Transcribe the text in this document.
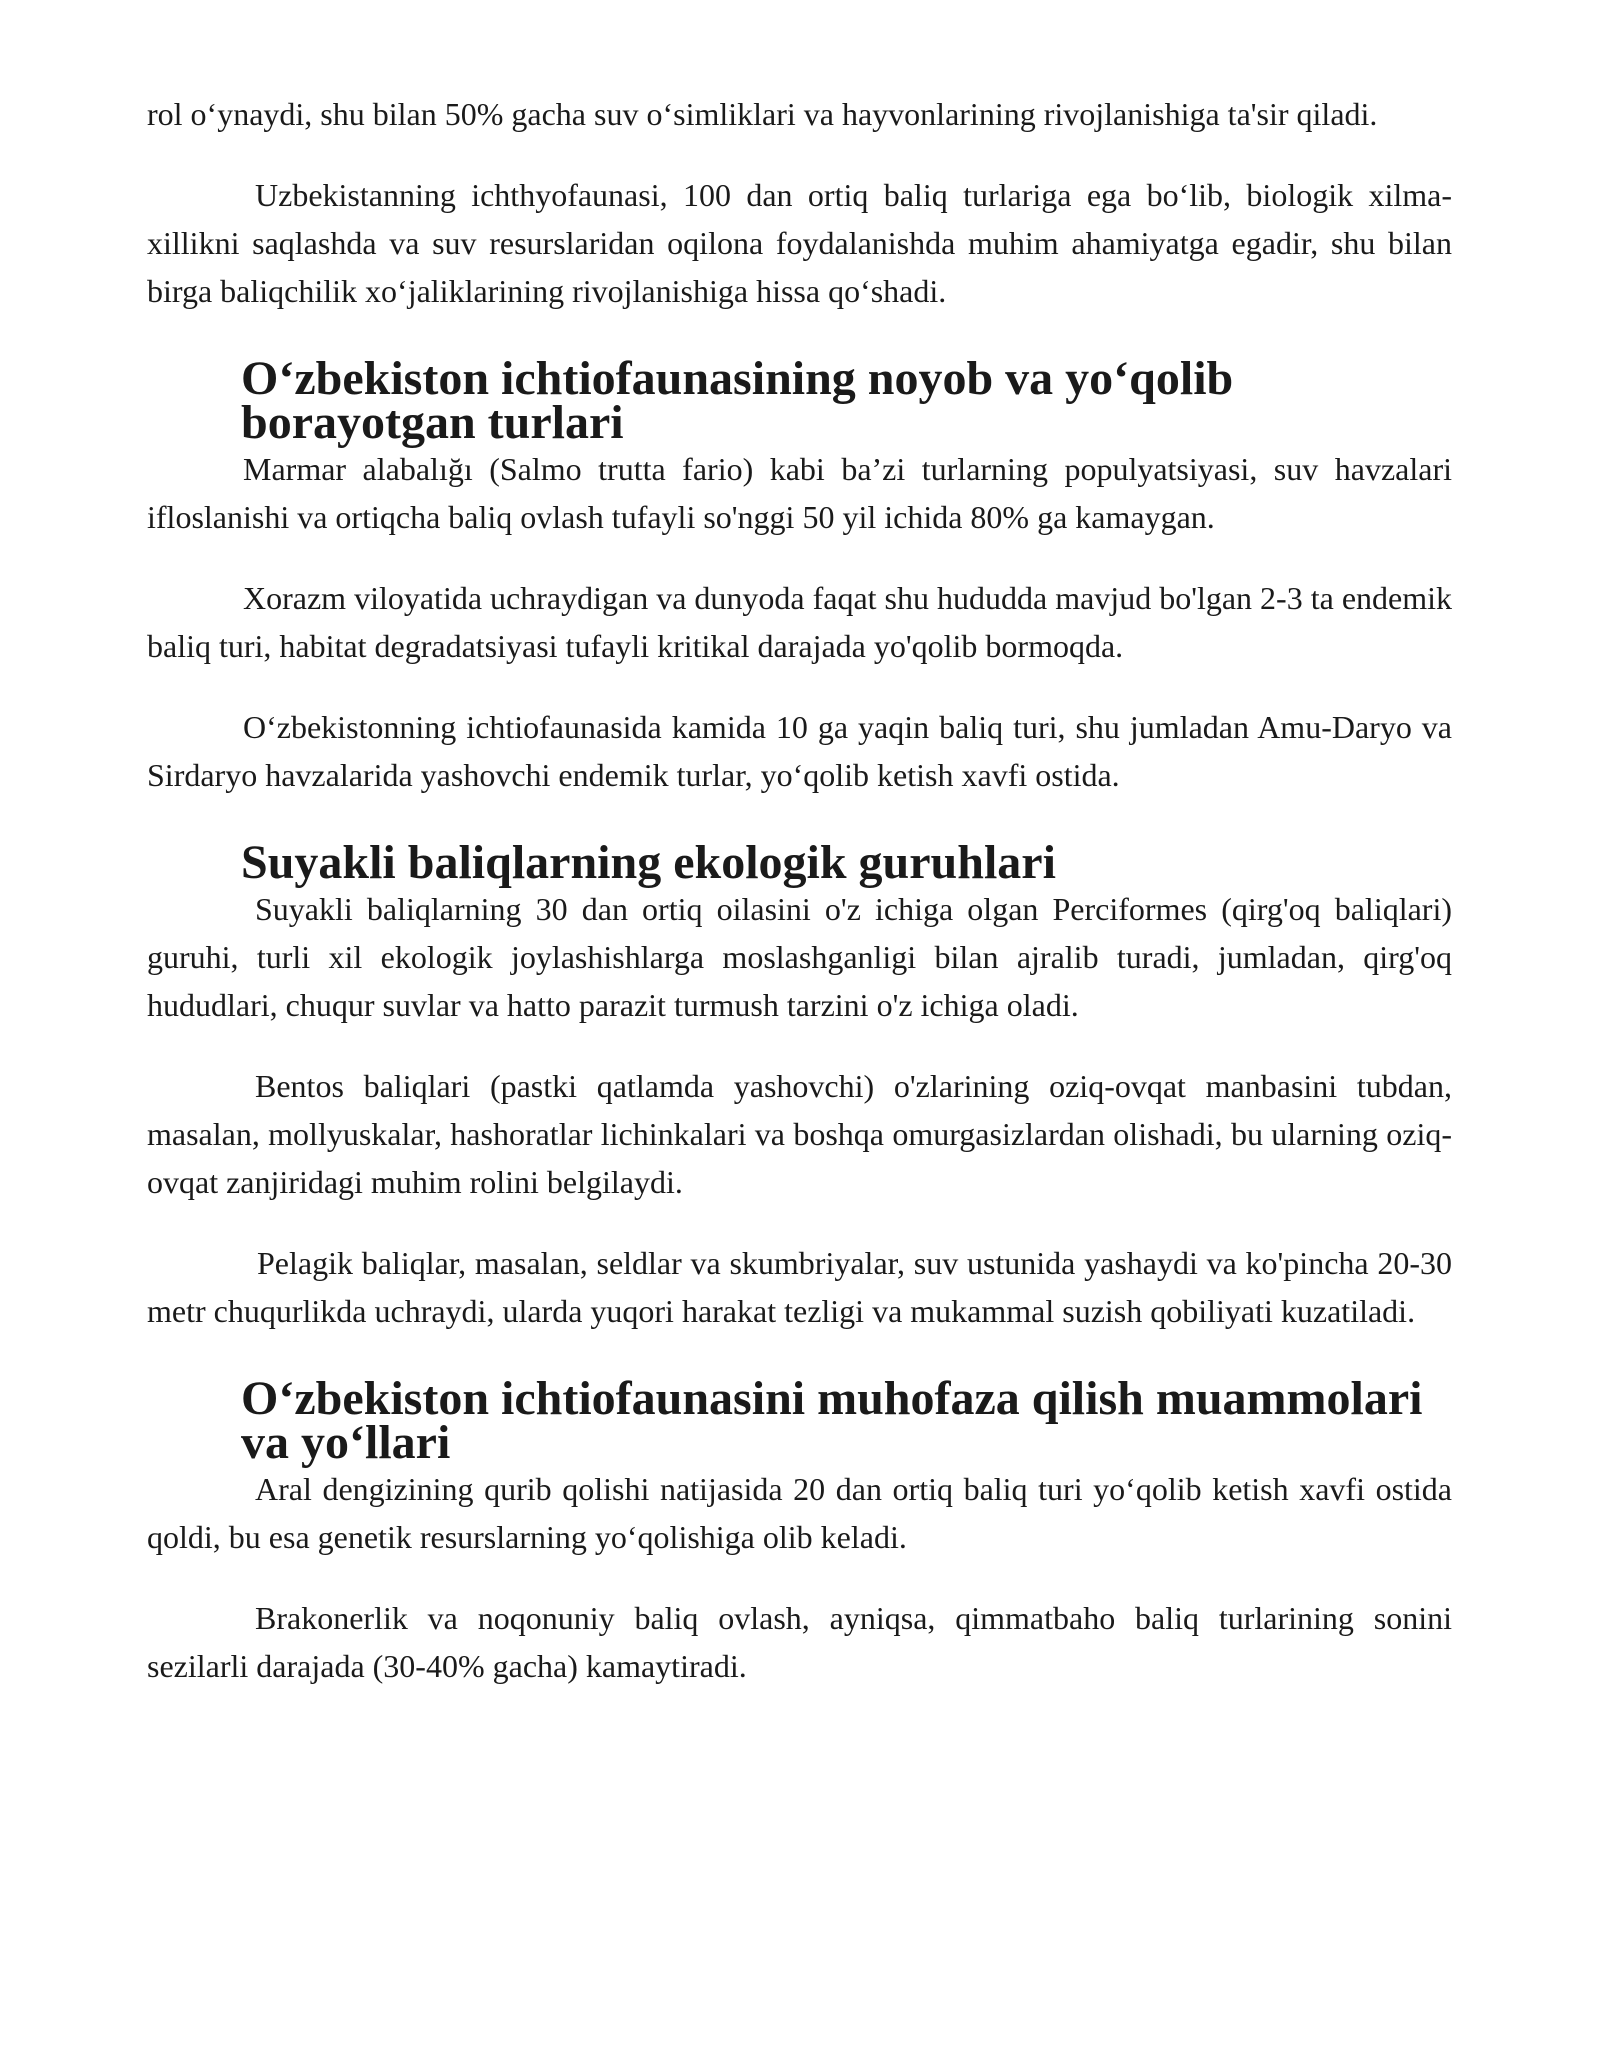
rol o‘ynaydi, shu bilan 50% gacha suv o‘simliklari va hayvonlarining rivojlanishiga ta'sir qiladi.

Uzbekistanning ichthyofaunasi, 100 dan ortiq baliq turlariga ega bo‘lib, biologik xilma-xillikni saqlashda va suv resurslaridan oqilona foydalanishda muhim ahamiyatga egadir, shu bilan birga baliqchilik xo‘jaliklarining rivojlanishiga hissa qo‘shadi.

O‘zbekiston ichtiofaunasining noyob va yo‘qolib borayotgan turlari

Marmar alabalığı (Salmo trutta fario) kabi ba’zi turlarning populyatsiyasi, suv havzalari ifloslanishi va ortiqcha baliq ovlash tufayli so'nggi 50 yil ichida 80% ga kamaygan.

Xorazm viloyatida uchraydigan va dunyoda faqat shu hududda mavjud bo'lgan 2-3 ta endemik baliq turi, habitat degradatsiyasi tufayli kritikal darajada yo'qolib bormoqda.

O‘zbekistonning ichtiofaunasida kamida 10 ga yaqin baliq turi, shu jumladan Amu-Daryo va Sirdaryo havzalarida yashovchi endemik turlar, yo‘qolib ketish xavfi ostida.

Suyakli baliqlarning ekologik guruhlari

Suyakli baliqlarning 30 dan ortiq oilasini o'z ichiga olgan Perciformes (qirg'oq baliqlari) guruhi, turli xil ekologik joylashishlarga moslashganligi bilan ajralib turadi, jumladan, qirg'oq hududlari, chuqur suvlar va hatto parazit turmush tarzini o'z ichiga oladi.

Bentos baliqlari (pastki qatlamda yashovchi) o'zlarining oziq-ovqat manbasini tubdan, masalan, mollyuskalar, hashoratlar lichinkalari va boshqa omurgasizlardan olishadi, bu ularning oziq-ovqat zanjiridagi muhim rolini belgilaydi.

Pelagik baliqlar, masalan, seldlar va skumbriyalar, suv ustunida yashaydi va ko'pincha 20-30 metr chuqurlikda uchraydi, ularda yuqori harakat tezligi va mukammal suzish qobiliyati kuzatiladi.

O‘zbekiston ichtiofaunasini muhofaza qilish muammolari va yo‘llari

Aral dengizining qurib qolishi natijasida 20 dan ortiq baliq turi yo‘qolib ketish xavfi ostida qoldi, bu esa genetik resurslarning yo‘qolishiga olib keladi.

Brakonerlik va noqonuniy baliq ovlash, ayniqsa, qimmatbaho baliq turlarining sonini sezilarli darajada (30-40% gacha) kamaytiradi.
